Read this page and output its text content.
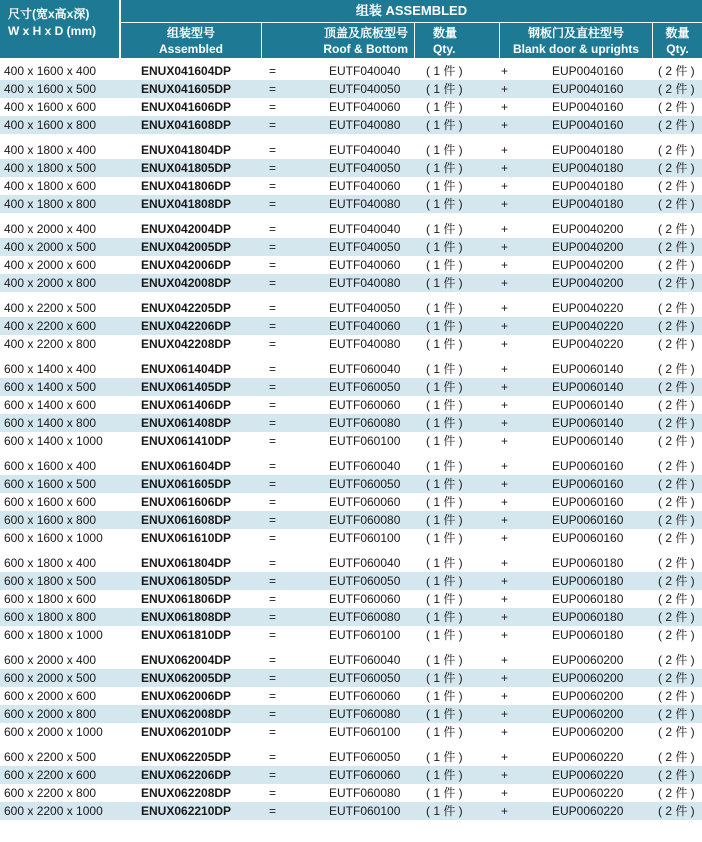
尺寸(宽x高x深)
W x H x D (mm)
组装 ASSEMBLED
组装型号
Assembled
顶盖及底板型号
Roof & Bottom
数量
Qty.
钢板门及直柱型号
Blank door & uprights
数量
Qty.
400 x 1600 x 400	ENUX041604DP	=	EUTF040040 ( 1 件 )	+	EUP0040160	( 2 件 )
400 x 1600 x 500	ENUX041605DP	=	EUTF040050 ( 1 件 )	+	EUP0040160	( 2 件 )
400 x 1600 x 600	ENUX041606DP	=	EUTF040060 ( 1 件 )	+	EUP0040160	( 2 件 )
400 x 1600 x 800	ENUX041608DP	=	EUTF040080 ( 1 件 )	+	EUP0040160	( 2 件 )
400 x 1800 x 400	ENUX041804DP	=	EUTF040040 ( 1 件 )	+	EUP0040180	( 2 件 )
400 x 1800 x 500	ENUX041805DP	=	EUTF040050 ( 1 件 )	+	EUP0040180	( 2 件 )
400 x 1800 x 600	ENUX041806DP	=	EUTF040060 ( 1 件 )	+	EUP0040180	( 2 件 )
400 x 1800 x 800	ENUX041808DP	=	EUTF040080 ( 1 件 )	+	EUP0040180	( 2 件 )
400 x 2000 x 400	ENUX042004DP	=	EUTF040040 ( 1 件 )	+	EUP0040200	( 2 件 )
400 x 2000 x 500	ENUX042005DP	=	EUTF040050 ( 1 件 )	+	EUP0040200	( 2 件 )
400 x 2000 x 600	ENUX042006DP	=	EUTF040060 ( 1 件 )	+	EUP0040200	( 2 件 )
400 x 2000 x 800	ENUX042008DP	=	EUTF040080 ( 1 件 )	+	EUP0040200	( 2 件 )
400 x 2200 x 500	ENUX042205DP	=	EUTF040050 ( 1 件 )	+	EUP0040220	( 2 件 )
400 x 2200 x 600	ENUX042206DP	=	EUTF040060 ( 1 件 )	+	EUP0040220	( 2 件 )
400 x 2200 x 800	ENUX042208DP	=	EUTF040080 ( 1 件 )	+	EUP0040220	( 2 件 )
600 x 1400 x 400	ENUX061404DP	=	EUTF060040 ( 1 件 )	+	EUP0060140	( 2 件 )
600 x 1400 x 500	ENUX061405DP	=	EUTF060050 ( 1 件 )	+	EUP0060140	( 2 件 )
600 x 1400 x 600	ENUX061406DP	=	EUTF060060 ( 1 件 )	+	EUP0060140	( 2 件 )
600 x 1400 x 800	ENUX061408DP	=	EUTF060080 ( 1 件 )	+	EUP0060140	( 2 件 )
600 x 1400 x 1000	ENUX061410DP	=	EUTF060100 ( 1 件 )	+	EUP0060140	( 2 件 )
600 x 1600 x 400	ENUX061604DP	=	EUTF060040 ( 1 件 )	+	EUP0060160	( 2 件 )
600 x 1600 x 500	ENUX061605DP	=	EUTF060050 ( 1 件 )	+	EUP0060160	( 2 件 )
600 x 1600 x 600	ENUX061606DP	=	EUTF060060 ( 1 件 )	+	EUP0060160	( 2 件 )
600 x 1600 x 800	ENUX061608DP	=	EUTF060080 ( 1 件 )	+	EUP0060160	( 2 件 )
600 x 1600 x 1000	ENUX061610DP	=	EUTF060100 ( 1 件 )	+	EUP0060160	( 2 件 )
600 x 1800 x 400	ENUX061804DP	=	EUTF060040 ( 1 件 )	+	EUP0060180	( 2 件 )
600 x 1800 x 500	ENUX061805DP	=	EUTF060050 ( 1 件 )	+	EUP0060180	( 2 件 )
600 x 1800 x 600	ENUX061806DP	=	EUTF060060 ( 1 件 )	+	EUP0060180	( 2 件 )
600 x 1800 x 800	ENUX061808DP	=	EUTF060080 ( 1 件 )	+	EUP0060180	( 2 件 )
600 x 1800 x 1000	ENUX061810DP	=	EUTF060100 ( 1 件 )	+	EUP0060180	( 2 件 )
600 x 2000 x 400	ENUX062004DP	=	EUTF060040 ( 1 件 )	+	EUP0060200	( 2 件 )
600 x 2000 x 500	ENUX062005DP	=	EUTF060050 ( 1 件 )	+	EUP0060200	( 2 件 )
600 x 2000 x 600	ENUX062006DP	=	EUTF060060 ( 1 件 )	+	EUP0060200	( 2 件 )
600 x 2000 x 800	ENUX062008DP	=	EUTF060080 ( 1 件 )	+	EUP0060200	( 2 件 )
600 x 2000 x 1000	ENUX062010DP	=	EUTF060100 ( 1 件 )	+	EUP0060200	( 2 件 )
600 x 2200 x 500	ENUX062205DP	=	EUTF060050 ( 1 件 )	+	EUP0060220	( 2 件 )
600 x 2200 x 600	ENUX062206DP	=	EUTF060060 ( 1 件 )	+	EUP0060220	( 2 件 )
600 x 2200 x 800	ENUX062208DP	=	EUTF060080 ( 1 件 )	+	EUP0060220	( 2 件 )
600 x 2200 x 1000	ENUX062210DP	=	EUTF060100 ( 1 件 )	+	EUP0060220	( 2 件 )
